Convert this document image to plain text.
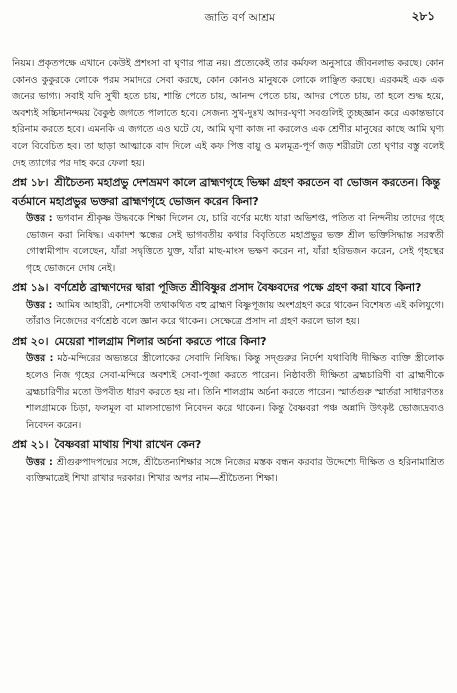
জাতি বর্ণ আশ্রম	২৮১

নিয়ম। প্রকৃতপক্ষে এখানে কেউই প্রশংসা বা ঘৃণার পাত্র নয়। প্রত্যেকেই তার কর্মফল অনুসারে জীবনলাভ করছে। কোন কোনও কুকুরকে লোকে পরম সমাদরে সেবা করছে, কোন কোনও মানুষকে লোকে লাঞ্ছিত করছে। এরকমই এক এক জনের ভাগ্য। সবাই যদি সুখী হতে চায়, শান্তি পেতে চায়, আনন্দ পেতে চায়, আদর পেতে চায়, তা হলে শুদ্ধ হয়ে, অবশ্যই সচ্চিদানন্দময় বৈকুণ্ঠ জগতে পালাতে হবে। সেজন্য সুখ-দুঃখ আদর-ঘৃণা সবগুলিই তুচ্ছজ্ঞান করে একান্তভাবে হরিনাম করতে হবে। এমনকি এ জগতে এও ঘটে যে, আমি ঘৃণা কাজ না করলেও এক শ্রেণীর মানুষের কাছে আমি ঘৃণ্য বলে বিবেচিত হব। তা ছাড়া আত্মাকে বাদ দিলে এই কফ পিত্ত বায়ু ও মলমূত্র-পূর্ণ জড় শরীরটা তো ঘৃণার বস্তু বলেই দেহ ত্যাগের পর দাহ করে ফেলা হয়।

প্রশ্ন ১৮। শ্রীচৈতন্য মহাপ্রভু দেশভ্রমণ কালে ব্রাহ্মণগৃহে ভিক্ষা গ্রহণ করতেন বা ভোজন করতেন। কিন্তু বর্তমানে মহাপ্রভুর ভক্তরা ব্রাহ্মণগৃহে ভোজন করেন কিনা?

উত্তর : ভগবান শ্রীকৃষ্ণ উদ্ধবকে শিক্ষা দিলেন যে, চারি বর্ণের মধ্যে যারা অভিশপ্ত, পতিত বা নিন্দনীয় তাদের গৃহে ভোজন করা নিষিদ্ধ। একাদশ স্কন্ধের সেই ভাগবতীয় কথার বিবৃতিতে মহাপ্রভুর ভক্ত শ্রীল ভক্তিসিদ্ধান্ত সরস্বতী গোস্বামীপাদ বলেছেন, যাঁরা সদ্বৃত্তিতে যুক্ত, যাঁরা মাছ-মাংস ভক্ষণ করেন না, যাঁরা হরিভজন করেন, সেই গৃহস্থের গৃহে ভোজনে দোষ নেই।

প্রশ্ন ১৯। বর্ণশ্রেষ্ঠ ব্রাহ্মণদের দ্বারা পূজিত শ্রীবিষ্ণুর প্রসাদ বৈষ্ণবদের পক্ষে গ্রহণ করা যাবে কিনা?

উত্তর : আমিষ আহারী, নেশাসেবী তথাকথিত বহু ব্রাহ্মণ বিষ্ণুপূজায় অংশগ্রহণ করে থাকেন বিশেষত এই কলিযুগে। তাঁরাও নিজেদের বর্ণশ্রেষ্ঠ বলে জ্ঞান করে থাকেন। সেক্ষেত্রে প্রসাদ না গ্রহণ করলে ভাল হয়।

প্রশ্ন ২০। মেয়েরা শালগ্রাম শিলার অর্চনা করতে পারে কিনা?

উত্তর : মঠ-মন্দিরের অভ্যন্তরে স্ত্রীলোকের সেবাদি নিষিদ্ধ। কিন্তু সদ্গুরুর নির্দেশ যথাবিধি দীক্ষিত ব্যক্তি স্ত্রীলোক হলেও নিজ গৃহের সেবা-মন্দিরে অবশ্যই সেবা-পূজা করতে পারেন। নিষ্ঠাবতী দীক্ষিতা ব্রহ্মচারিণী বা ব্রাহ্মণীকে ব্রহ্মচারিণীর মতো উপবীত ধারণ করতে হয় না। তিনি শালগ্রাম অর্চনা করতে পারেন। স্মার্তগুরু স্মার্তরা সাধারণতঃ শালগ্রামকে চিড়া, ফলমূল বা মালসাভোগ নিবেদন করে থাকেন। কিন্তু বৈষ্ণবরা পঞ্চ অন্নাদি উৎকৃষ্ট ভোজ্যদ্রব্যও নিবেদন করেন।

প্রশ্ন ২১। বৈষ্ণবরা মাথায় শিখা রাখেন কেন?

উত্তর : শ্রীগুরুপাদপদ্মের সঙ্গে, শ্রীচৈতন্যশিক্ষার সঙ্গে নিজের মস্তক বন্ধন করবার উদ্দেশ্যে দীক্ষিত ও হরিনামাশ্রিত ব্যক্তিমাত্রেই শিখা রাখার দরকার। শিখার অপর নাম—শ্রীচৈতন্য শিক্ষা।
